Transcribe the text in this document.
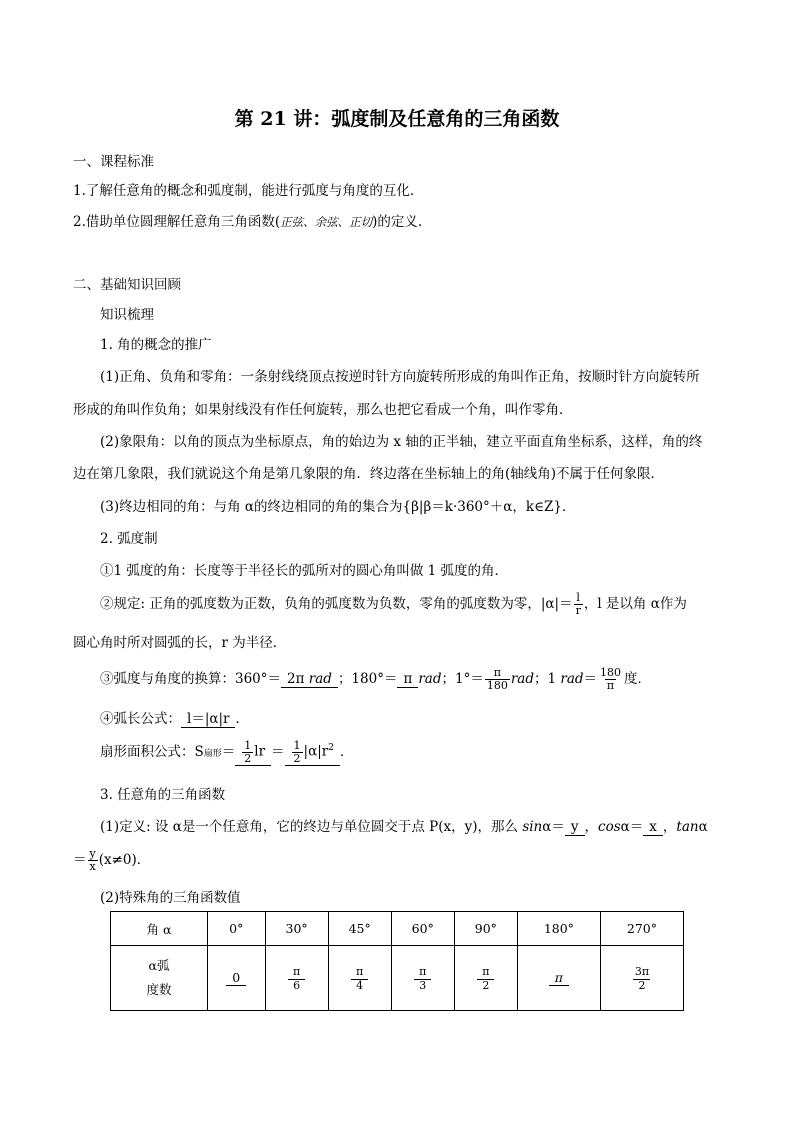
第 21 讲：弧度制及任意角的三角函数
一、课程标准
1.了解任意角的概念和弧度制，能进行弧度与角度的互化．
2.借助单位圆理解任意角三角函数(正弦、余弦、正切)的定义.
二、基础知识回顾
知识梳理
1. 角的概念的推广
(1)正角、负角和零角：一条射线绕顶点按逆时针方向旋转所形成的角叫作正角，按顺时针方向旋转所
形成的角叫作负角；如果射线没有作任何旋转，那么也把它看成一个角，叫作零角．
(2)象限角：以角的顶点为坐标原点，角的始边为 x 轴的正半轴，建立平面直角坐标系，这样，角的终
边在第几象限，我们就说这个角是第几象限的角．终边落在坐标轴上的角(轴线角)不属于任何象限．
(3)终边相同的角：与角 α的终边相同的角的集合为{β|β＝k·360°＋α，k∈Z}．
2. 弧度制
①1 弧度的角：长度等于半径长的弧所对的圆心角叫做 1 弧度的角．
②规定: 正角的弧度数为正数，负角的弧度数为负数，零角的弧度数为零，$|\alpha|= \frac{l}{r}$ ，l 是以角 α作为
圆心角时所对圆弧的长，r 为半径．
③弧度与角度的换算：360°＝ 2π rad ；180°＝ π rad；$1^\circ= \frac{\pi}{180}$ rad；1 $rad= \frac{180}{\pi}$ 度．
④弧长公式： l＝|α|r ．
扇形面积公式：S扇形＝ $\frac{1}{2}$ lr ＝ $\frac{1}{2} |\alpha|r^2$ ．
3. 任意角的三角函数
(1)定义: 设 α是一个任意角，它的终边与单位圆交于点 P(x，y)，那么 sinα＝ y ，cosα＝ x ，tanα
＝ $\frac{y}{x} (x\ne 0)$．
(2)特殊角的三角函数值
角 α	0°	30°	45°	60°	90°	180°	270°
α弧
度数	0	$\frac{\pi}{6}$	$\frac{\pi}{4}$	$\frac{\pi}{3}$	$\frac{\pi}{2}$	π	$\frac{3\pi}{2}$
